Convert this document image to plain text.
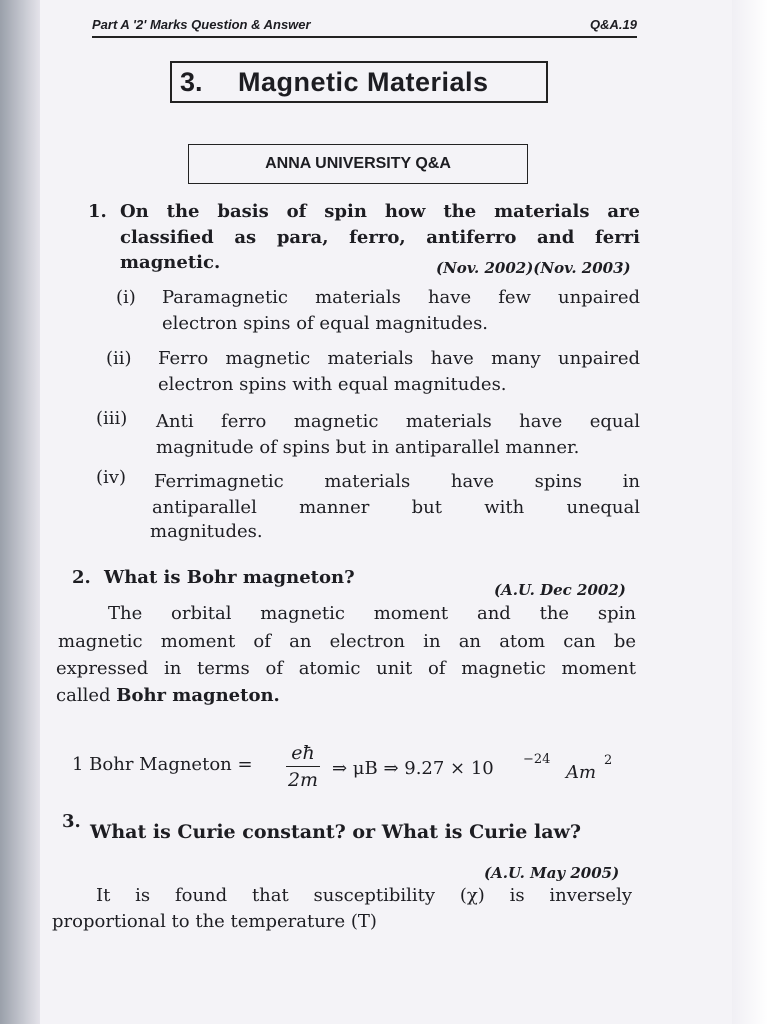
Part A '2' Marks Question & Answer	Q&A.19
3. Magnetic Materials
ANNA UNIVERSITY Q&A
1. On the basis of spin how the materials are
classified as para, ferro, antiferro and ferri
magnetic.	(Nov. 2002)(Nov. 2003)
(i) Paramagnetic materials have few unpaired
electron spins of equal magnitudes.
(ii) Ferro magnetic materials have many unpaired
electron spins with equal magnitudes.
(iii) Anti ferro magnetic materials have equal
magnitude of spins but in antiparallel manner.
(iv) Ferrimagnetic materials have spins in
antiparallel manner but with unequal
magnitudes.
2. What is Bohr magneton?
(A.U. Dec 2002)
The orbital magnetic moment and the spin
magnetic moment of an electron in an atom can be
expressed in terms of atomic unit of magnetic moment
called Bohr magneton.
1 Bohr Magneton =
eħ
2m
⇒ μB ⇒ 9.27 × 10 −24
Am
2
3. What is Curie constant? or What is Curie law?
(A.U. May 2005)
It is found that susceptibility (χ) is inversely
proportional to the temperature (T)
